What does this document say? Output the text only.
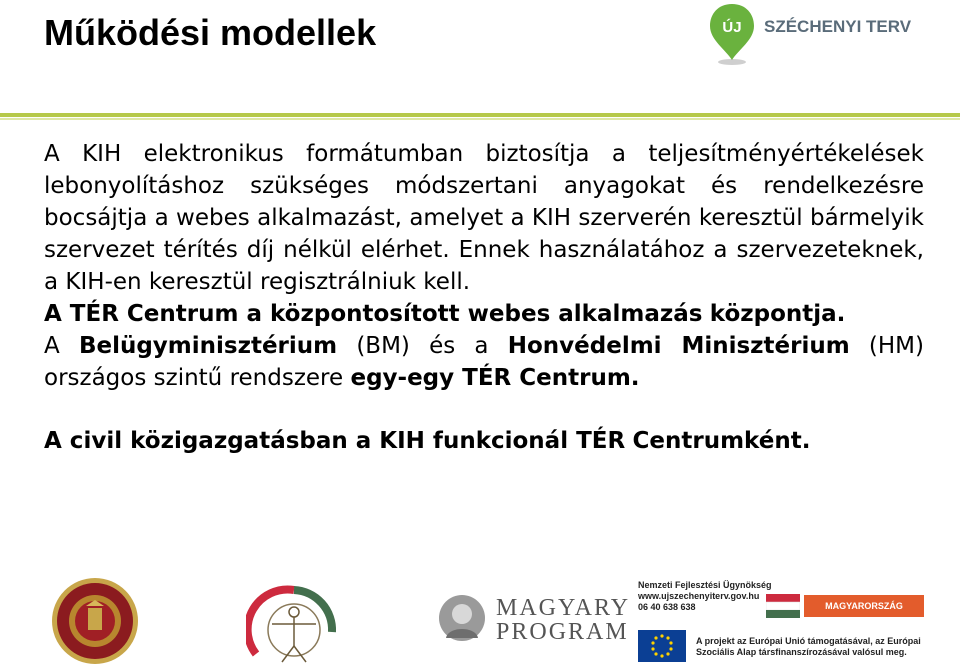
Működési modellek	ÚJ SZÉCHENYI TERV
A KIH elektronikus formátumban biztosítja a teljesítményértékelések lebonyolításhoz szükséges módszertani anyagokat és rendelkezésre bocsájtja a webes alkalmazást, amelyet a KIH szerverén keresztül bármelyik szervezet térítés díj nélkül elérhet. Ennek használatához a szervezeteknek, a KIH-en keresztül regisztrálniuk kell.
A TÉR Centrum a központosított webes alkalmazás központja.
A Belügyminisztérium (BM) és a Honvédelmi Minisztérium (HM) országos szintű rendszere egy-egy TÉR Centrum.
A civil közigazgatásban a KIH funkcionál TÉR Centrumként.
MAGYARY
PROGRAM
Nemzeti Fejlesztési Ügynökség
www.ujszechenyiterv.gov.hu
06 40 638 638	MAGYARORSZÁG MEGÚJUL
A projekt az Európai Unió támogatásával, az Európai
Szociális Alap társfinanszírozásával valósul meg.
